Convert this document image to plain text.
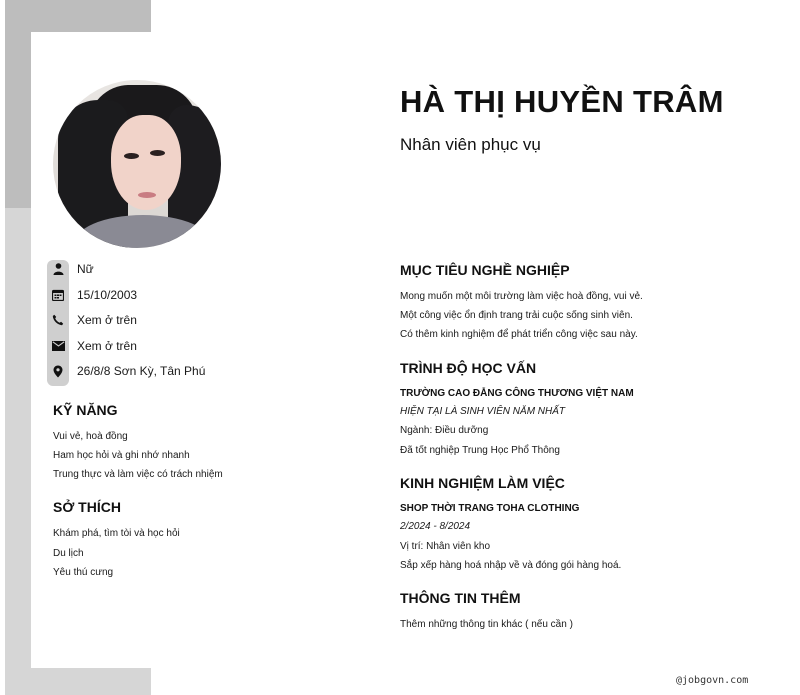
Nữ
15/10/2003
Xem ở trên
Xem ở trên
26/8/8 Sơn Kỳ, Tân Phú
KỸ NĂNG
Vui vẻ, hoà đồng
Ham học hỏi và ghi nhớ nhanh
Trung thực và làm việc có trách nhiệm
SỞ THÍCH
Khám phá, tìm tòi và học hỏi
Du lịch
Yêu thú cưng
HÀ THỊ HUYỀN TRÂM
Nhân viên phục vụ
MỤC TIÊU NGHỀ NGHIỆP
Mong muốn một môi trường làm việc hoà đồng, vui vẻ.
Một công việc ổn định trang trải cuộc sống sinh viên.
Có thêm kinh nghiệm để phát triển công việc sau này.
TRÌNH ĐỘ HỌC VẤN
TRƯỜNG CAO ĐẲNG CÔNG THƯƠNG VIỆT NAM
HIỆN TẠI LÀ SINH VIÊN NĂM NHẤT
Ngành: Điều dưỡng
Đã tốt nghiệp Trung Học Phổ Thông
KINH NGHIỆM LÀM VIỆC
SHOP THỜI TRANG TOHA CLOTHING
2/2024 - 8/2024
Vị trí: Nhân viên kho
Sắp xếp hàng hoá nhập về và đóng gói hàng hoá.
THÔNG TIN THÊM
Thêm những thông tin khác ( nếu cần )
@jobgovn.com
